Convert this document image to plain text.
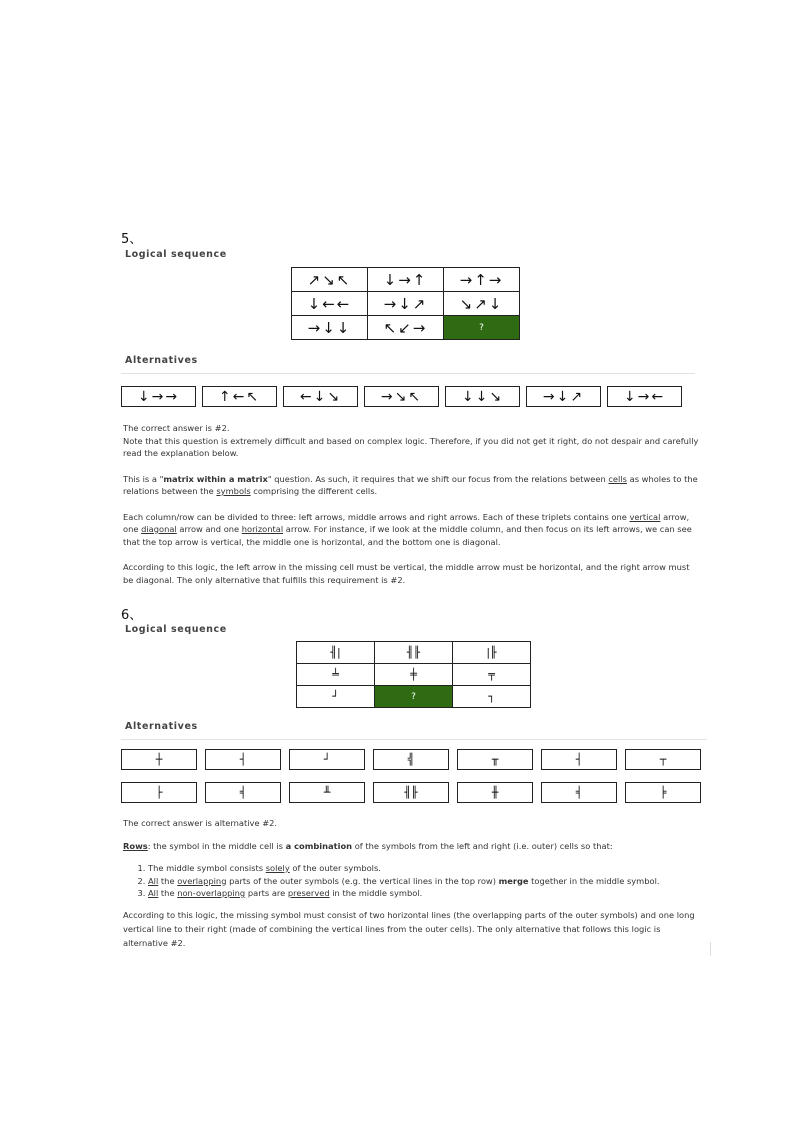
5、
Logical sequence
↗↘↖	↓→↑	→↑→
↓←←	→↓↗	↘↗↓
→↓↓	↖↙→	?
Alternatives
↓→→	↑←↖	←↓↘	→↘↖	↓↓↘	→↓↗	↓→←

The correct answer is #2.

Note that this question is extremely difficult and based on complex logic. Therefore, if you did not get it right, do not despair and carefully read the explanation below.

This is a "matrix within a matrix" question. As such, it requires that we shift our focus from the relations between cells as wholes to the relations between the symbols comprising the different cells.

Each column/row can be divided to three: left arrows, middle arrows and right arrows. Each of these triplets contains one vertical arrow, one diagonal arrow and one horizontal arrow. For instance, if we look at the middle column, and then focus on its left arrows, we can see that the top arrow is vertical, the middle one is horizontal, and the bottom one is diagonal.

According to this logic, the left arrow in the missing cell must be vertical, the middle arrow must be horizontal, and the right arrow must be diagonal. The only alternative that fulfills this requirement is #2.

6、
Logical sequence
╢|	╢╟	|╟
╧	╪	╤
┘	?	┐
Alternatives
┼	┤	┘	╣	╥	┤	┬
├	╡	╨	╢╟	╫	╡	╞

The correct answer is alternative #2.

Rows: the symbol in the middle cell is a combination of the symbols from the left and right (i.e. outer) cells so that:

1. The middle symbol consists solely of the outer symbols.
2. All the overlapping parts of the outer symbols (e.g. the vertical lines in the top row) merge together in the middle symbol.
3. All the non-overlapping parts are preserved in the middle symbol.

According to this logic, the missing symbol must consist of two horizontal lines (the overlapping parts of the outer symbols) and one long vertical line to their right (made of combining the vertical lines from the outer cells). The only alternative that follows this logic is alternative #2.
